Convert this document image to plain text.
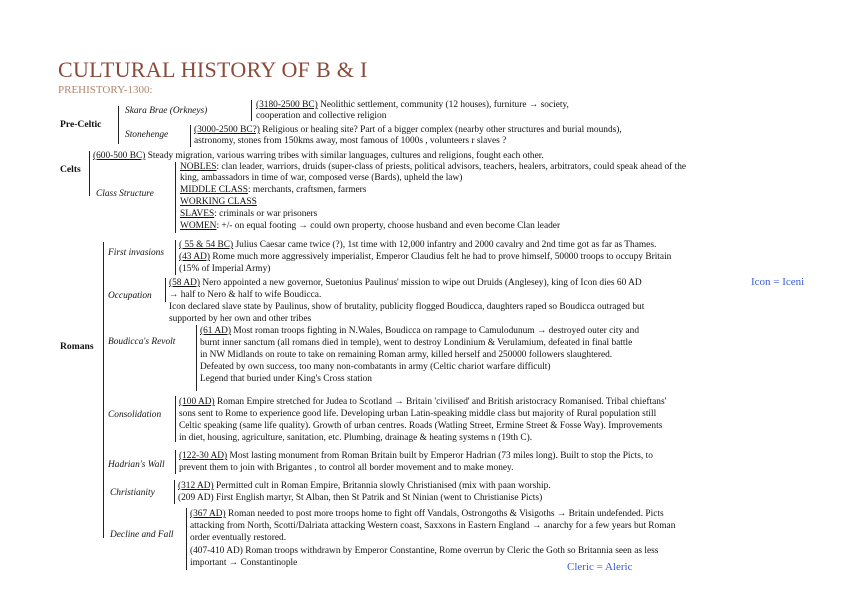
CULTURAL HISTORY OF B & I
PREHISTORY-1300:
Pre-Celtic
Skara Brae (Orkneys)
(3180-2500 BC) Neolithic settlement, community (12 houses), furniture → society,
cooperation and collective religion
Stonehenge	(3000-2500 BC?) Religious or healing site? Part of a bigger complex (nearby other structures and burial mounds),
astronomy, stones from 150kms away, most famous of 1000s , volunteers r slaves ?
Celts
(600-500 BC) Steady migration, various warring tribes with similar languages, cultures and religions, fought each other.
Class Structure
NOBLES: clan leader, warriors, druids (super-class of priests, political advisors, teachers, healers, arbitrators, could speak ahead of the
king, ambassadors in time of war, composed verse (Bards), upheld the law)
MIDDLE CLASS: merchants, craftsmen, farmers
WORKING CLASS
SLAVES: criminals or war prisoners
WOMEN: +/- on equal footing → could own property, choose husband and even become Clan leader
Romans
First invasions
( 55 & 54 BC) Julius Caesar came twice (?), 1st time with 12,000 infantry and 2000 cavalry and 2nd time got as far as Thames.
(43 AD) Rome much more aggressively imperialist, Emperor Claudius felt he had to prove himself, 50000 troops to occupy Britain
(15% of Imperial Army)
Occupation
(58 AD) Nero appointed a new governor, Suetonius Paulinus' mission to wipe out Druids (Anglesey), king of Icon dies 60 AD
→ half to Nero & half to wife Boudicca.
Icon declared slave state by Paulinus, show of brutality, publicity flogged Boudicca, daughters raped so Boudicca outraged but
supported by her own and other tribes
Icon = Iceni
Boudicca's Revolt
(61 AD) Most roman troops fighting in N.Wales, Boudicca on rampage to Camulodunum → destroyed outer city and
burnt inner sanctum (all romans died in temple), went to destroy Londinium & Verulamium, defeated in final battle
in NW Midlands on route to take on remaining Roman army, killed herself and 250000 followers slaughtered.
Defeated by own success, too many non-combatants in army (Celtic chariot warfare difficult)
Legend that buried under King's Cross station
Consolidation
(100 AD) Roman Empire stretched for Judea to Scotland → Britain 'civilised' and British aristocracy Romanised. Tribal chieftans'
sons sent to Rome to experience good life. Developing urban Latin-speaking middle class but majority of Rural population still
Celtic speaking (same life quality). Growth of urban centres. Roads (Watling Street, Ermine Street & Fosse Way). Improvements
in diet, housing, agriculture, sanitation, etc. Plumbing, drainage & heating systems n (19th C).
Hadrian's Wall
(122-30 AD) Most lasting monument from Roman Britain built by Emperor Hadrian (73 miles long). Built to stop the Picts, to
prevent them to join with Brigantes , to control all border movement and to make money.
Christianity
(312 AD) Permitted cult in Roman Empire, Britannia slowly Christianised (mix with paan worship.
(209 AD) First English martyr, St Alban, then St Patrik and St Ninian (went to Christianise Picts)
Decline and Fall
(367 AD) Roman needed to post more troops home to fight off Vandals, Ostrongoths & Visigoths → Britain undefended. Picts
attacking from North, Scotti/Dalriata attacking Western coast, Saxxons in Eastern England → anarchy for a few years but Roman
order eventually restored.
(407-410 AD) Roman troops withdrawn by Emperor Constantine, Rome overrun by Cleric the Goth so Britannia seen as less
important → Constantinople	Cleric = Aleric
